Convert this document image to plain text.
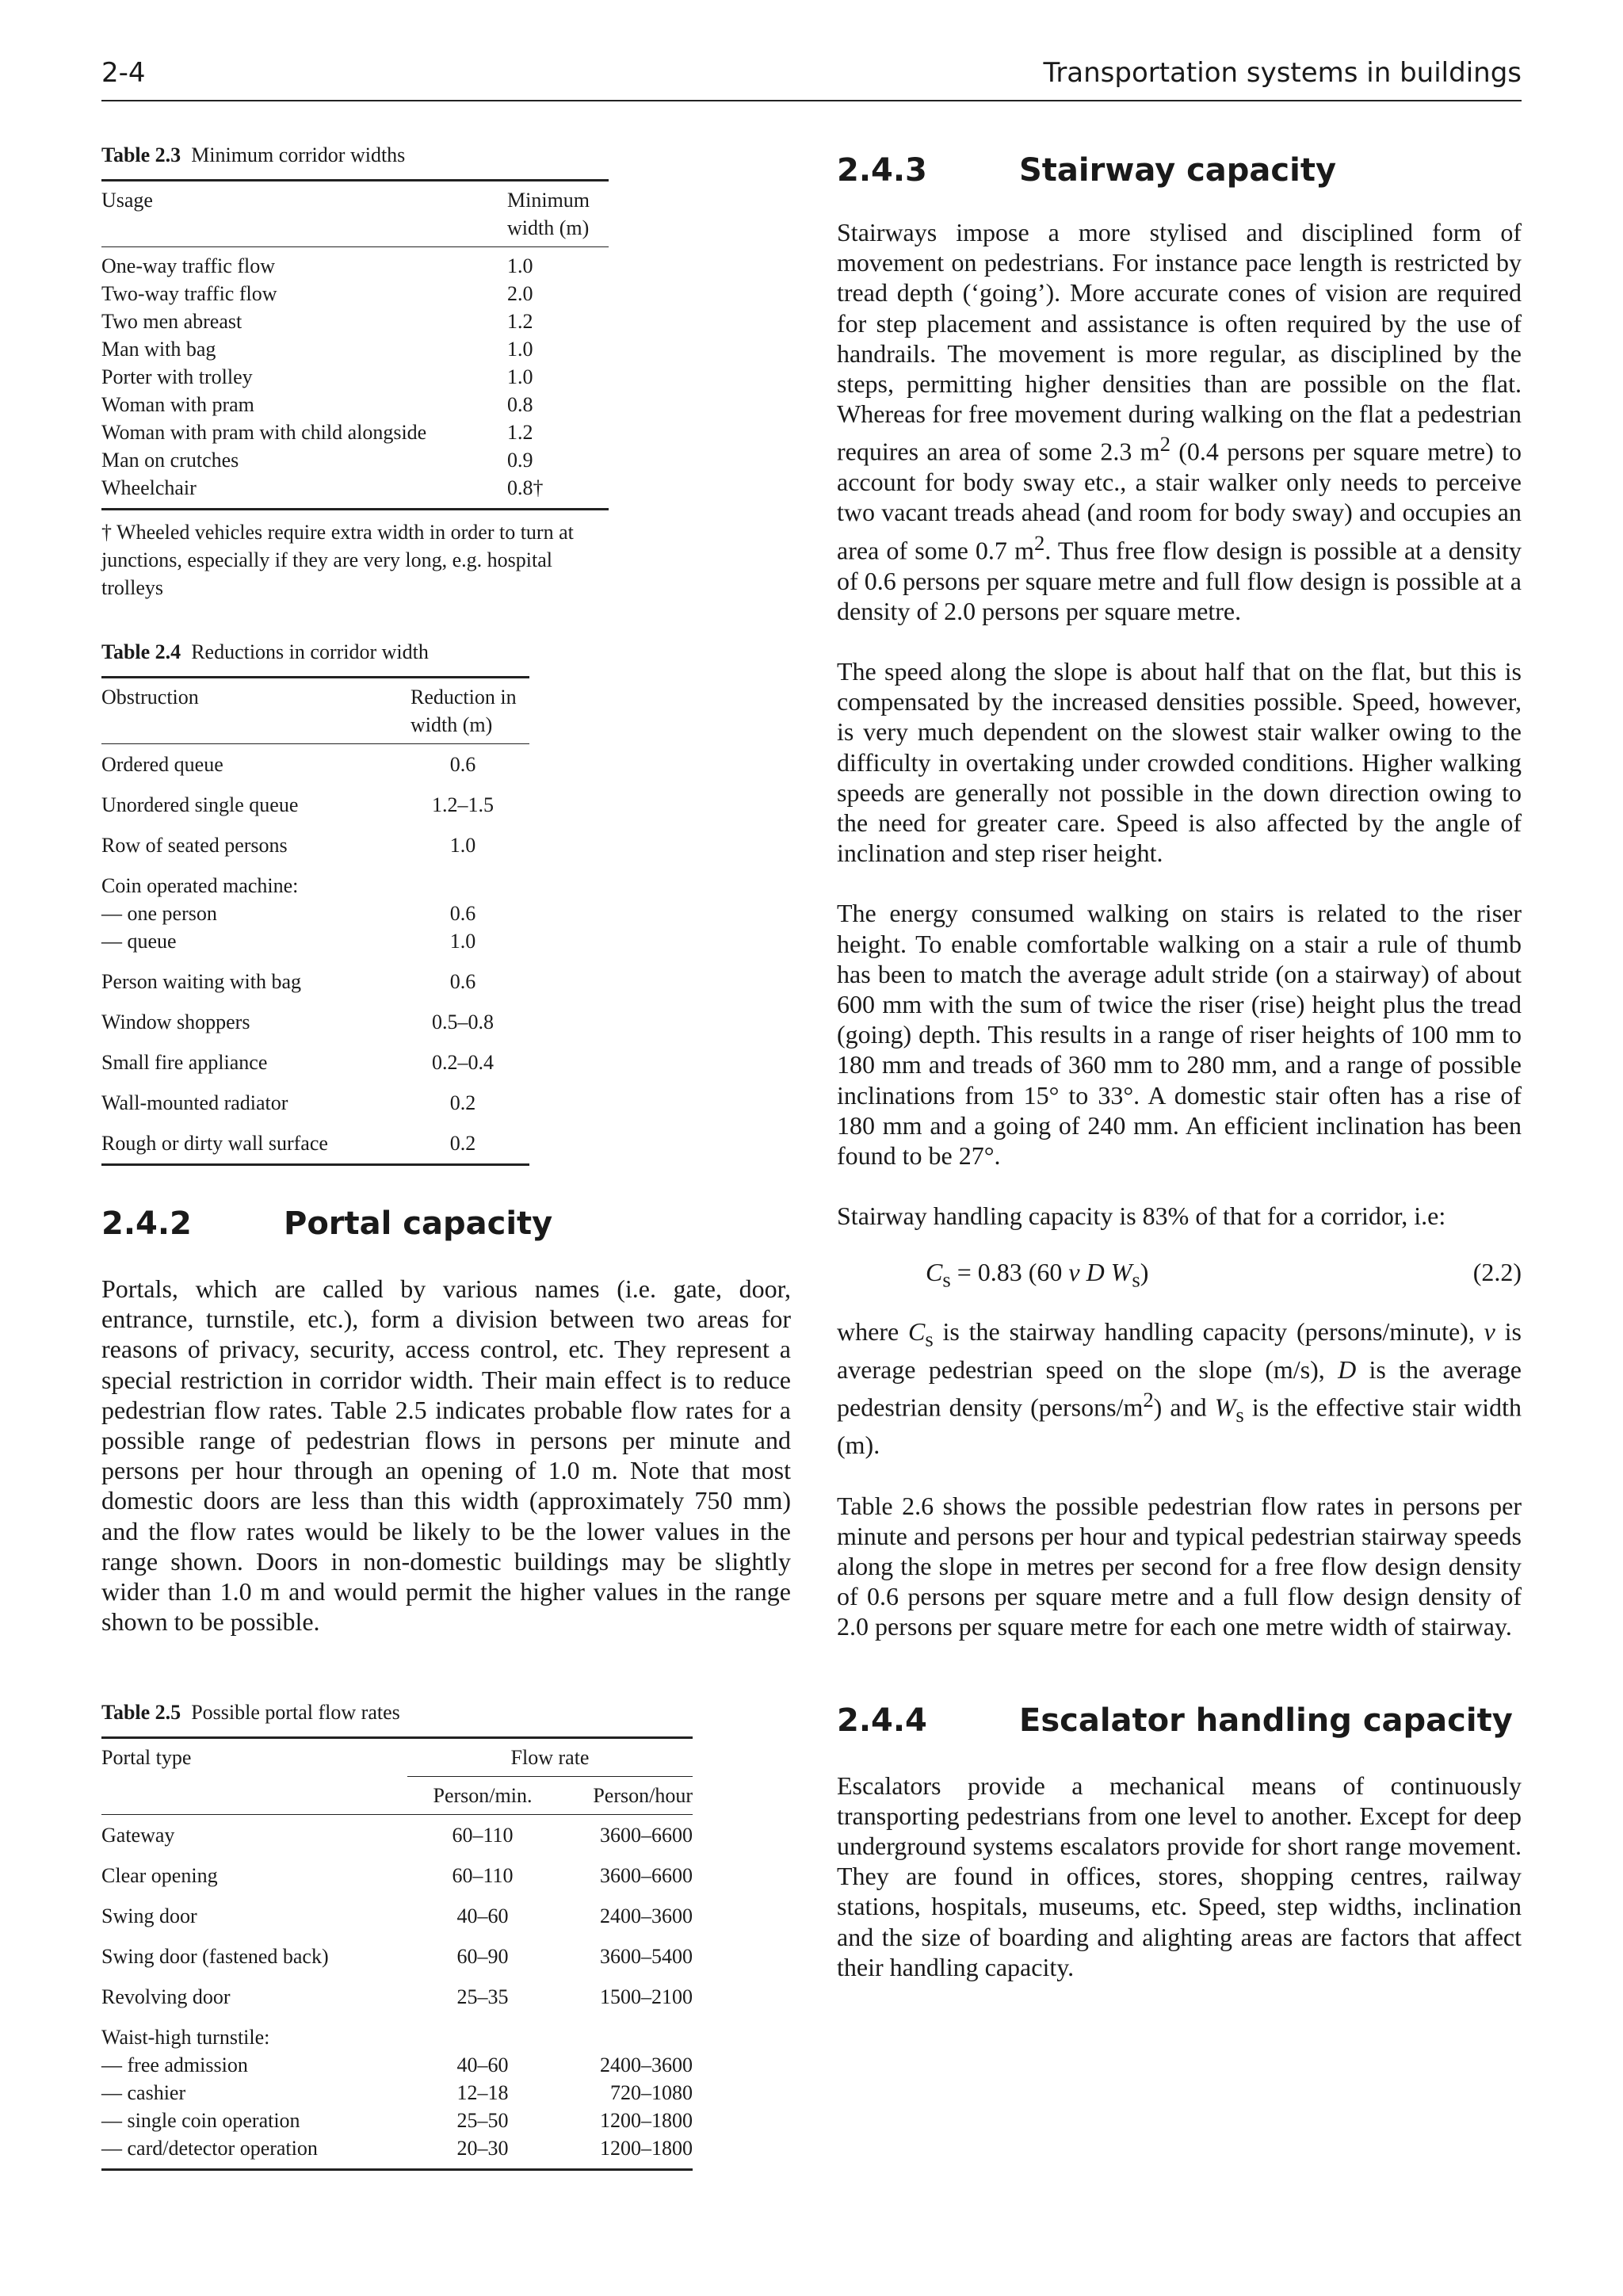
2-4	Transportation systems in buildings
Table 2.3 Minimum corridor widths
Usage	Minimum width (m)
One-way traffic flow	1.0
Two-way traffic flow	2.0
Two men abreast	1.2
Man with bag	1.0
Porter with trolley	1.0
Woman with pram	0.8
Woman with pram with child alongside	1.2
Man on crutches	0.9
Wheelchair	0.8†

† Wheeled vehicles require extra width in order to turn at junctions, especially if they are very long, e.g. hospital trolleys
Table 2.4 Reductions in corridor width
Obstruction	Reduction in width (m)
Ordered queue	0.6
Unordered single queue	1.2–1.5
Row of seated persons	1.0
Coin operated machine:	
— one person	0.6
— queue	1.0
Person waiting with bag	0.6
Window shoppers	0.5–0.8
Small fire appliance	0.2–0.4
Wall-mounted radiator	0.2
Rough or dirty wall surface	0.2

2.4.2	Portal capacity

Portals, which are called by various names (i.e. gate, door, entrance, turnstile, etc.), form a division between two areas for reasons of privacy, security, access control, etc. They represent a special restriction in corridor width. Their main effect is to reduce pedestrian flow rates. Table 2.5 indicates probable flow rates for a possible range of pedestrian flows in persons per minute and persons per hour through an opening of 1.0 m. Note that most domestic doors are less than this width (approximately 750 mm) and the flow rates would be likely to be the lower values in the range shown. Doors in non-domestic buildings may be slightly wider than 1.0 m and would permit the higher values in the range shown to be possible.

Table 2.5 Possible portal flow rates
Portal type	Flow rate	
	Person/min.	Person/hour
Gateway	60–110	3600–6600
Clear opening	60–110	3600–6600
Swing door	40–60	2400–3600
Swing door (fastened back)	60–90	3600–5400
Revolving door	25–35	1500–2100
Waist-high turnstile:		
— free admission	40–60	2400–3600
— cashier	12–18	720–1080
— single coin operation	25–50	1200–1800
— card/detector operation	20–30	1200–1800

2.4.3	Stairway capacity

Stairways impose a more stylised and disciplined form of movement on pedestrians. For instance pace length is restricted by tread depth (‘going’). More accurate cones of vision are required for step placement and assistance is often required by the use of handrails. The movement is more regular, as disciplined by the steps, permitting higher densities than are possible on the flat. Whereas for free movement during walking on the flat a pedestrian requires an area of some 2.3 $m^2$ (0.4 persons per square metre) to account for body sway etc., a stair walker only needs to perceive two vacant treads ahead (and room for body sway) and occupies an area of some 0.7 $m^2$. Thus free flow design is possible at a density of 0.6 persons per square metre and full flow design is possible at a density of 2.0 persons per square metre.

The speed along the slope is about half that on the flat, but this is compensated by the increased densities possible. Speed, however, is very much dependent on the slowest stair walker owing to the difficulty in overtaking under crowded conditions. Higher walking speeds are generally not possible in the down direction owing to the need for greater care. Speed is also affected by the angle of inclination and step riser height.

The energy consumed walking on stairs is related to the riser height. To enable comfortable walking on a stair a rule of thumb has been to match the average adult stride (on a stairway) of about 600 mm with the sum of twice the riser (rise) height plus the tread (going) depth. This results in a range of riser heights of 100 mm to 180 mm and treads of 360 mm to 280 mm, and a range of possible inclinations from 15° to 33°. A domestic stair often has a rise of 180 mm and a going of 240 mm. An efficient inclination has been found to be 27°.

Stairway handling capacity is 83% of that for a corridor, i.e:

$C_s = 0.83$ (60 v D $W_s$)	(2.2)

where $C_s$ is the stairway handling capacity (persons/minute), v is average pedestrian speed on the slope (m/s), D is the average pedestrian density $(persons/m^2)$ and $W_s$ is the effective stair width (m).

Table 2.6 shows the possible pedestrian flow rates in persons per minute and persons per hour and typical pedestrian stairway speeds along the slope in metres per second for a free flow design density of 0.6 persons per square metre and a full flow design density of 2.0 persons per square metre for each one metre width of stairway.

2.4.4	Escalator handling capacity

Escalators provide a mechanical means of continuously transporting pedestrians from one level to another. Except for deep underground systems escalators provide for short range movement. They are found in offices, stores, shopping centres, railway stations, hospitals, museums, etc. Speed, step widths, inclination and the size of boarding and alighting areas are factors that affect their handling capacity.
